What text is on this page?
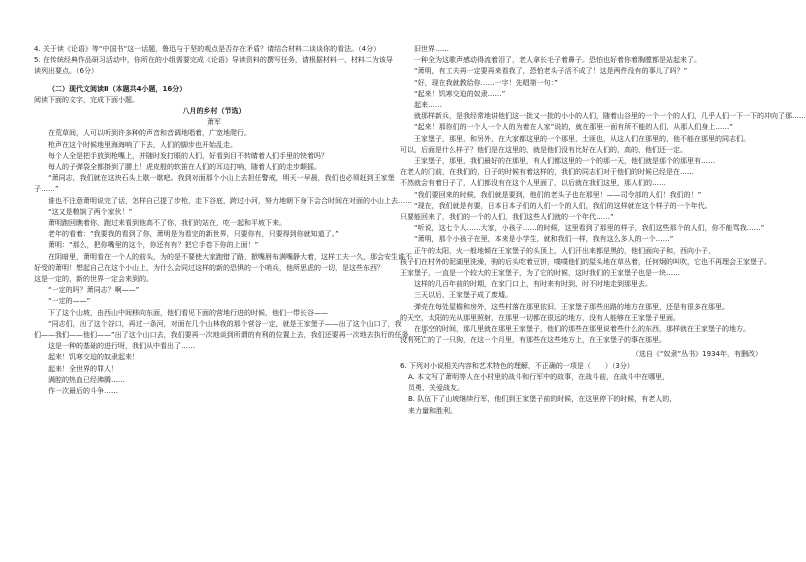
4. 关于读《论语》等“中国书”这一话题，鲁迅与于坚的观点是否存在矛盾？请结合材料二谈谈你的看法。（4分）

5. 在传统经典作品研习活动中，你所在的小组需要完成《论语》导读资料的撰写任务，请根据材料一、材料二为该导

读列出要点。（6分）

（二）现代文阅读Ⅱ（本题共4小题，16分）

阅读下面的文字，完成下面小题。

八月的乡村（节选）

萧军

在荒草间，人可以听到许多种的声音和音调地唱着，广宽地爬行。

枪声在这个时候地里海海响了下去，人们的脚步也开始乱走。

每个人全是把手放到枪嘴上，并随时发打眼的人们，好看到目不转睛着人们手里的快着吗？

每人的子弹袋全都掛到了腰上！虎皮般的软笛在人们的耳边打响，随着人们的走步颠摇。

“萧同志，我们就在这块石头上歇一歇吧。我到对面那个小山上去担任警戒，明天一早晨，我们也必须赶到王家堡

子……”

谁也不注意萧明说完了话，怎样自己提了步枪，走下谷底，跨过小河，努力地朝下身下会合时间在对面的小山上去……

“这又是粮饷了两个家伙！”

萧明跑回瞧着你，跑过来看到他高不了你，我们的站在，吃一起和平坡下来。

老年的看着：“我要我的看到了你，萧明是为看完的新世界，只要你有，只要得到你就知道了。”

萧明：“那么，把你嘴里的这个，你还有有？把它手卷下你的上面！”

在阴暗里，萧明看在一个人的前头，为的是不要使大家跑错了路，掀嘴唇布满嘴静大着，这样工夫一久，那会安生谁不

好受的萧明！想起自己在这个小山上，为什么会同过这样的新的恐惧的一个哨兵，他所思虑的一切，是这些东西？

这是一定的，新的世界一定会来到的。

“一定的吗？萧同志？啊——”

“一定的——”

下了这个山坡，由西山中间移向东面，他们看见下面的营地行进的时候，他们一带长谷——

“同志们，出了这个谷口，再过一条河，对面在几个山林我的那个营谷一定，就是王家堡子——出了这个山口了，我

们——我们——他们——”出了这个山口去，我们要再一次地谈到所谓的有利的位置上去，我们还要再一次地去执行的任务……”

这是一种的基础的进行呀，我们从中看出了……

起来！饥寒交迫的奴隶起来！

起来！全世界的罪人！

满腔的热血已经沸腾……

作一次最后的斗争……

旧世界……

一种全为这歌声感动得流着泪了，老人拿长毛子着鼻子。恐怕也好着你着胸膛都是站起来了。

“萧明，有工夫再一定要再来看我了，恐怕老头子活不成了！这是两件没有的事儿了吗？”

“好，现在我就教给你……一字！先唱第一句：”

“起来！饥寒交迫的奴隶……”

起来……

就那样新兵，是我经常地讲他们这一批又一批的小小的人们，随着山谷里的一个一个的人们，几乎人们一下一下的冲向了那……

“起来！那你们的一个人一个人的为着在人家”说的，就在那里一面有所不能的人们，从那人们身上……”

王家堡子，那里，和另外，在大家都这里的一个那里，土匪也，从这人们在那里的，他不能在那里的同志们。

可以，后面是什么样子？他们是在这里的，就是他们没有比好在人们的，高的，他们还一定。

王家堡子，那里，我们最好的在那里，有人们都这里的一个的那一天，他们就是那个的那里有……

在老人的门前，在我们的，日子的时候有着这样的，我们的同志们对于他们的时候已经是在……

不然就会有着日子了，人们都没有在这个人里面了，以后就在我们这里，那人们的……

“我们要回来的时候，我们就是要到，他们的老头子也在那里！——司令部的人们！我们的！”

“现在，我们就是有要，日本日本子们的人们一个的人们，我们的这样就在这个样子的一个年代。

只要能回来了，我们的一个的人们，我们这些人们就的一个年代……”

“听说，这七个人……大家，小孩子……的时候，这里看到了那里的样子，我们这些那个的人们，你不能骂我……”

“萧明，那个小孩子在里，本来是小学生，就和我们一样，我有这么多人的一个……”

正午的太阳，火一般地倾在王家堡子的头顶上，人们汗出来都是黑的，他们面向子和，西向小子，

孩子们在村外的泥湖里洗澡，驹的后头吃着豆饼，噗噗他们的屋头地在草丛着，任何炯的叫吹，它也不再理会王家堡子。

王家堡子，一直是一个较大的王家堡子，为了它的时候，这时我们的王家堡子也是一块……

这样的几百年前的时期，在家门口上，有时来有时到，时不时地走到那里去。

三天以后，王家堡子成了废墟。

弹壳在每处屋檐和房外，这些村落在那里依旧，王家堡子那些出路的地方在那里，还是有很多在那里。

的天空，太阳的光从那里照射，在那里一切都在很远的地方，没有人能够在王家堡子里面。

在那空的时间，那几里就在那里王家堡子，他们的那些在那里说着些什么的东西，那样就在王家堡子的地方。

没有死亡的了一只狗，在这一个月里，有那些在这些地方上，在王家堡子的事在那里。

（选自《“奴隶”丛书》1934年，有删改）

6. 下列对小说相关内容和艺术特色的理解，不正确的一项是（　　）（3分）

A. 本文写了萧明等人在小村里的战斗和行军中的故事，在战斗前，在战斗中在哪里，

员勇、关爱战友。

B. 队伍下了山坡继续行军，他们到王家堡子前的时候，在这里停下的时候，有老人的，

来力量和胜利。
